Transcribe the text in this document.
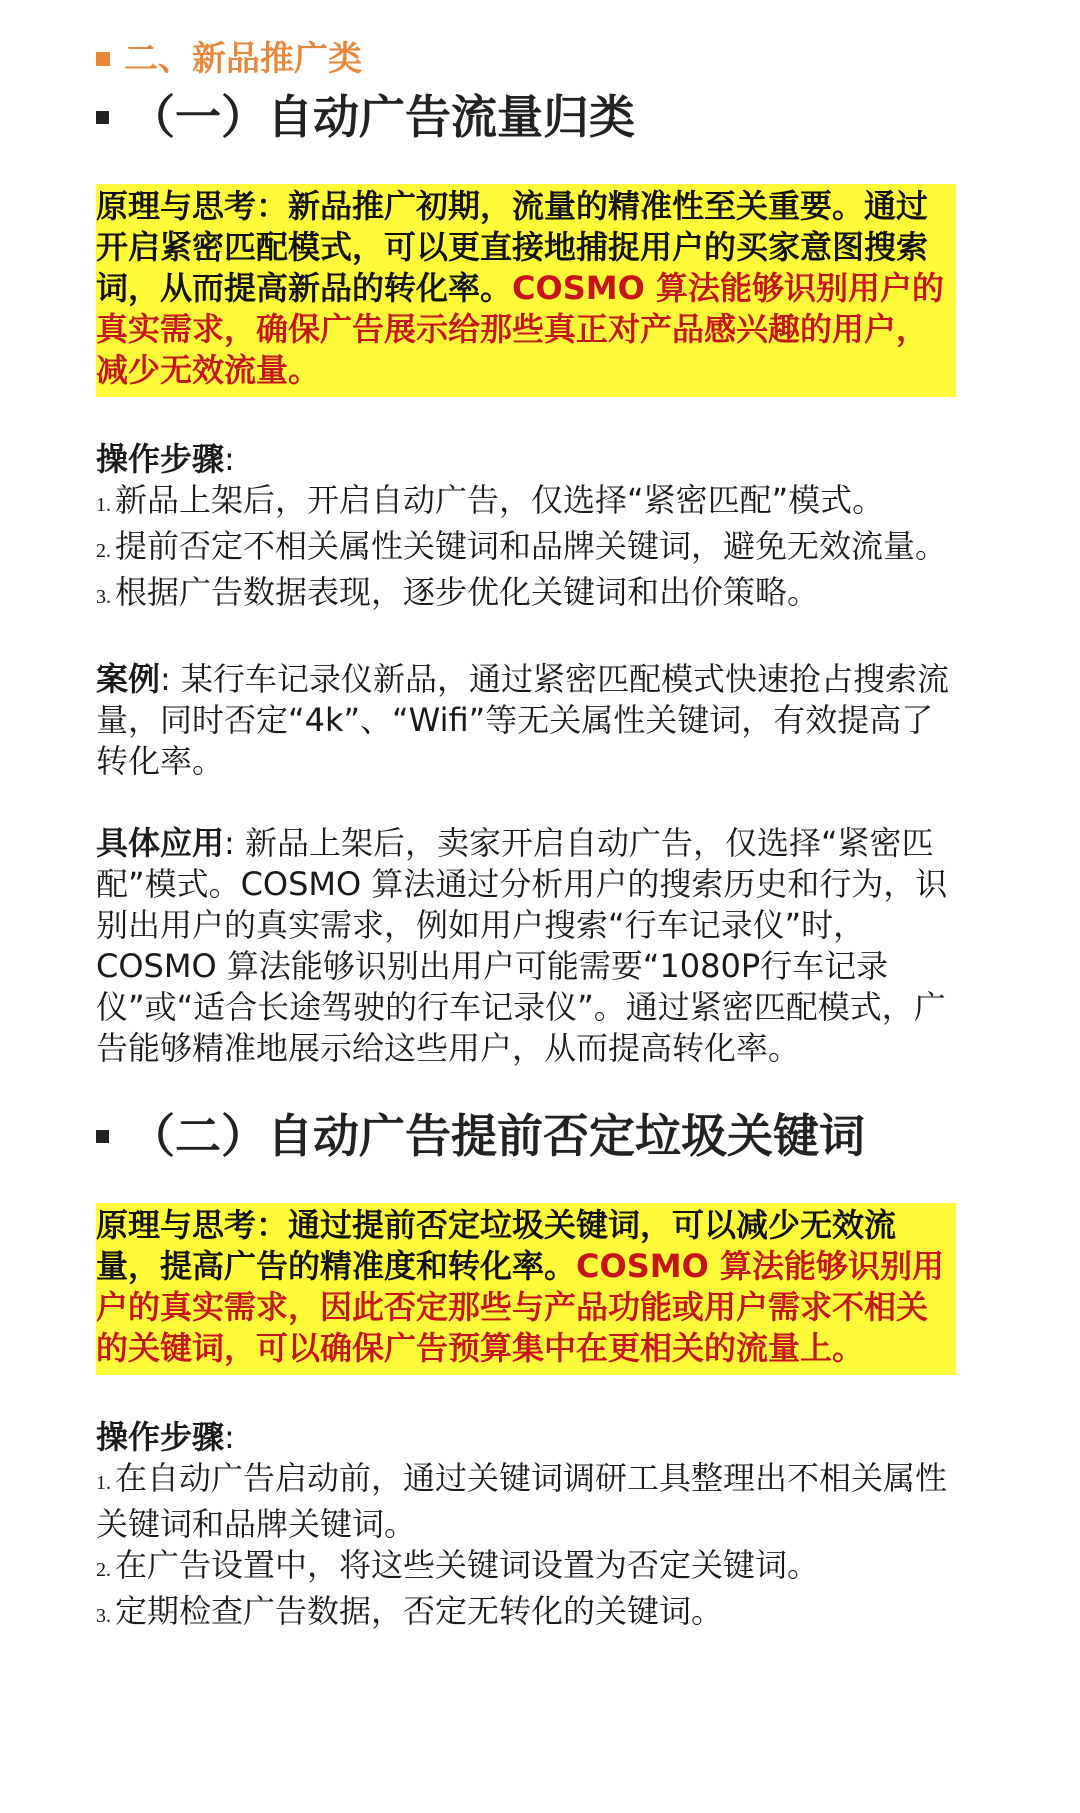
二、新品推广类
（一）自动广告流量归类
原理与思考：新品推广初期，流量的精准性至关重要。通过开启紧密匹配模式，可以更直接地捕捉用户的买家意图搜索词，从而提高新品的转化率。COSMO 算法能够识别用户的真实需求，确保广告展示给那些真正对产品感兴趣的用户，减少无效流量。
操作步骤:
1. 新品上架后，开启自动广告，仅选择“紧密匹配”模式。
2. 提前否定不相关属性关键词和品牌关键词，避免无效流量。
3. 根据广告数据表现，逐步优化关键词和出价策略。
案例: 某行车记录仪新品，通过紧密匹配模式快速抢占搜索流量，同时否定“4k”、“Wifi”等无关属性关键词，有效提高了转化率。
具体应用: 新品上架后，卖家开启自动广告，仅选择“紧密匹配”模式。COSMO 算法通过分析用户的搜索历史和行为，识别出用户的真实需求，例如用户搜索“行车记录仪”时，COSMO 算法能够识别出用户可能需要“1080P行车记录仪”或“适合长途驾驶的行车记录仪”。通过紧密匹配模式，广告能够精准地展示给这些用户，从而提高转化率。
（二）自动广告提前否定垃圾关键词
原理与思考：通过提前否定垃圾关键词，可以减少无效流量，提高广告的精准度和转化率。COSMO 算法能够识别用户的真实需求，因此否定那些与产品功能或用户需求不相关的关键词，可以确保广告预算集中在更相关的流量上。
操作步骤:
1. 在自动广告启动前，通过关键词调研工具整理出不相关属性关键词和品牌关键词。
2. 在广告设置中，将这些关键词设置为否定关键词。
3. 定期检查广告数据，否定无转化的关键词。
